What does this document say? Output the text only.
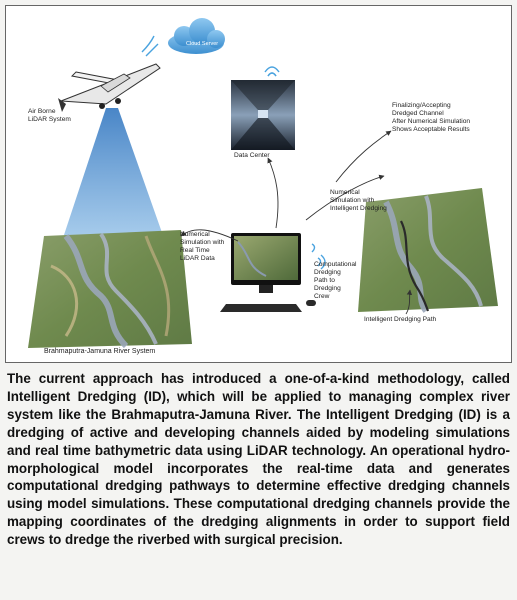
Cloud Server
Air Borne
LiDAR System
Data Center
Finalizing/Accepting
Dredged Channel
After Numerical Simulation
Shows Acceptable Results
Numerical
Simulation with
Intelligent Dredging
Numerical
Simulation with
Real Time
LiDAR Data
Computational
Dredging
Path to
Dredging
Crew
Intelligent Dredging Path
Brahmaputra-Jamuna River System

The current approach has introduced a one-of-a-kind methodology, called Intelligent Dredging (ID), which will be applied to managing complex river system like the Brahmaputra-Jamuna River. The Intelligent Dredging (ID) is a dredging of active and developing channels aided by modeling simulations and real time bathymetric data using LiDAR technology. An operational hydro-morphological model incorporates the real-time data and generates computational dredging pathways to determine effective dredging channels using model simulations. These computational dredging channels provide the mapping coordinates of the dredging alignments in order to support field crews to dredge the riverbed with surgical precision.
